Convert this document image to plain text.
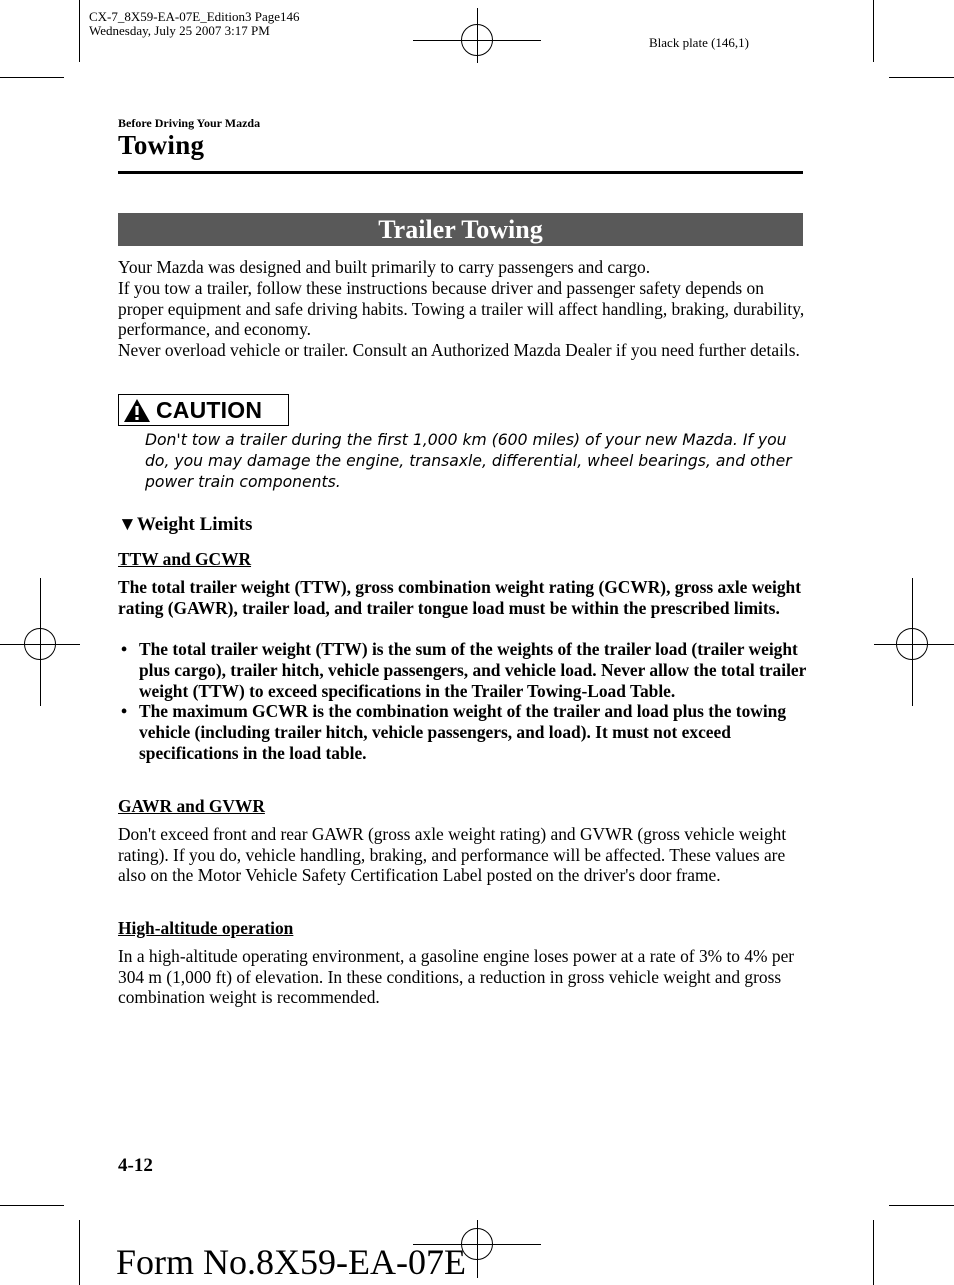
CX-7_8X59-EA-07E_Edition3 Page146
Wednesday, July 25 2007 3:17 PM
Black plate (146,1)
Before Driving Your Mazda
Towing
Trailer Towing
Your Mazda was designed and built primarily to carry passengers and cargo.
If you tow a trailer, follow these instructions because driver and passenger safety depends on proper equipment and safe driving habits. Towing a trailer will affect handling, braking, durability, performance, and economy.
Never overload vehicle or trailer. Consult an Authorized Mazda Dealer if you need further details.
CAUTION
Don't tow a trailer during the first 1,000 km (600 miles) of your new Mazda. If you do, you may damage the engine, transaxle, differential, wheel bearings, and other power train components.
▼Weight Limits
TTW and GCWR
The total trailer weight (TTW), gross combination weight rating (GCWR), gross axle weight rating (GAWR), trailer load, and trailer tongue load must be within the prescribed limits.
• The total trailer weight (TTW) is the sum of the weights of the trailer load (trailer weight plus cargo), trailer hitch, vehicle passengers, and vehicle load. Never allow the total trailer weight (TTW) to exceed specifications in the Trailer Towing-Load Table.
• The maximum GCWR is the combination weight of the trailer and load plus the towing vehicle (including trailer hitch, vehicle passengers, and load). It must not exceed specifications in the load table.
GAWR and GVWR
Don't exceed front and rear GAWR (gross axle weight rating) and GVWR (gross vehicle weight rating). If you do, vehicle handling, braking, and performance will be affected. These values are also on the Motor Vehicle Safety Certification Label posted on the driver's door frame.
High-altitude operation
In a high-altitude operating environment, a gasoline engine loses power at a rate of 3% to 4% per 304 m (1,000 ft) of elevation. In these conditions, a reduction in gross vehicle weight and gross combination weight is recommended.
4-12
Form No.8X59-EA-07E
